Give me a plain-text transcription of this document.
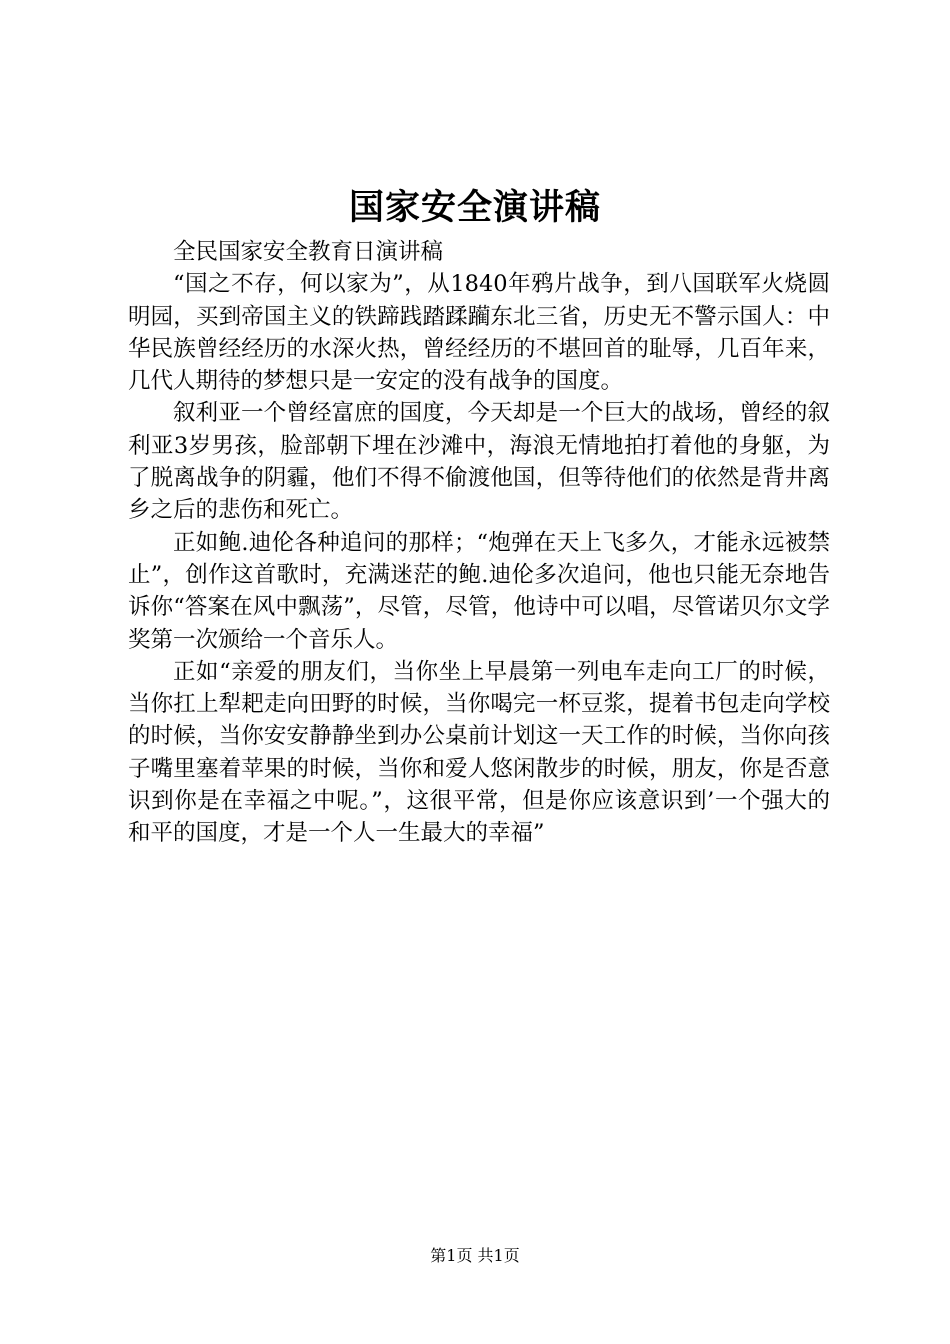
国家安全演讲稿

全民国家安全教育日演讲稿

“国之不存，何以家为”，从1840年鸦片战争，到八国联军火烧圆明园，买到帝国主义的铁蹄践踏蹂躏东北三省，历史无不警示国人：中华民族曾经经历的水深火热，曾经经历的不堪回首的耻辱，几百年来，几代人期待的梦想只是一安定的没有战争的国度。

叙利亚一个曾经富庶的国度，今天却是一个巨大的战场，曾经的叙利亚3岁男孩，脸部朝下埋在沙滩中，海浪无情地拍打着他的身躯，为了脱离战争的阴霾，他们不得不偷渡他国，但等待他们的依然是背井离乡之后的悲伤和死亡。

正如鲍.迪伦各种追问的那样；“炮弹在天上飞多久，才能永远被禁止”，创作这首歌时，充满迷茫的鲍.迪伦多次追问，他也只能无奈地告诉你“答案在风中飘荡”，尽管，尽管，他诗中可以唱，尽管诺贝尔文学奖第一次颁给一个音乐人。

正如“亲爱的朋友们，当你坐上早晨第一列电车走向工厂的时候，当你扛上犁耙走向田野的时候，当你喝完一杯豆浆，提着书包走向学校的时候，当你安安静静坐到办公桌前计划这一天工作的时候，当你向孩子嘴里塞着苹果的时候，当你和爱人悠闲散步的时候，朋友，你是否意识到你是在幸福之中呢。”，这很平常，但是你应该意识到’一个强大的和平的国度，才是一个人一生最大的幸福”

第1页 共1页
